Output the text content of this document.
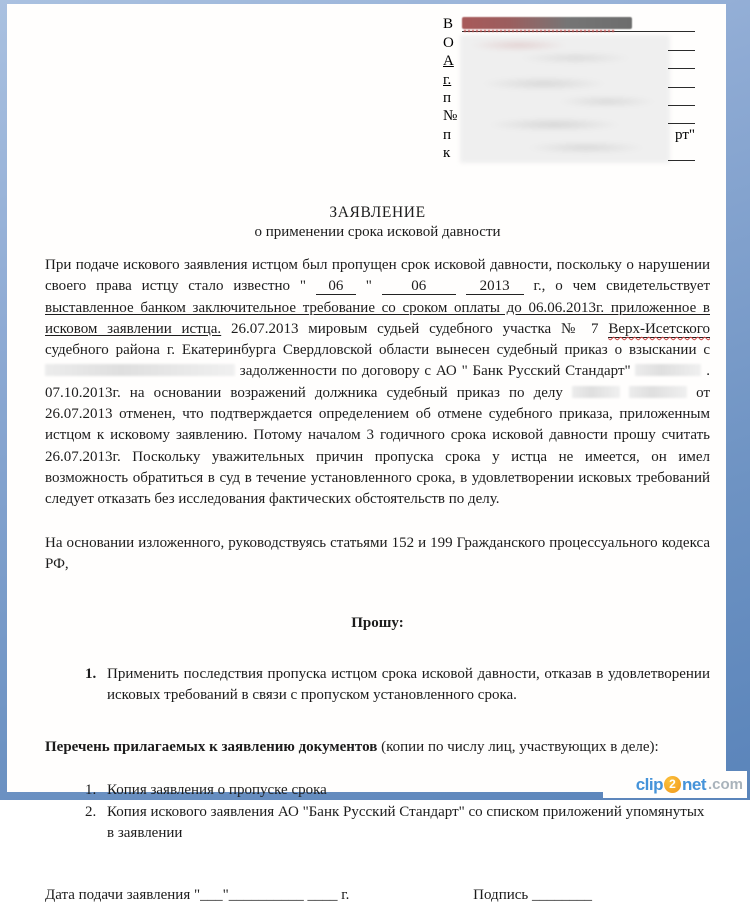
В
О
А
г.
п
№
п	рт"
к
ЗАЯВЛЕНИЕ
о применении срока исковой давности

При подаче искового заявления истцом был пропущен срок исковой давности, поскольку о нарушении своего права истцу стало известно " 06 "	06	2013 г., о чем свидетельствует выставленное банком заключительное требование со сроком оплаты до 06.06.2013г. приложенное в исковом заявлении истца. 26.07.2013 мировым судьей судебного участка № 7 Верх-Исетского судебного района г. Екатеринбурга Свердловской области вынесен судебный приказ о взыскании с  задолженности по договору с АО " Банк Русский Стандарт"	. 07.10.2013г. на основании возражений должника судебный приказ по делу	от 26.07.2013 отменен, что подтверждается определением об отмене судебного приказа, приложенным истцом к исковому заявлению. Потому началом 3 годичного срока исковой давности прошу считать 26.07.2013г. Поскольку уважительных причин пропуска срока у истца не имеется, он имел возможность обратиться в суд в течение установленного срока, в удовлетворении исковых требований следует отказать без исследования фактических обстоятельств по делу.

На основании изложенного, руководствуясь статьями 152 и 199 Гражданского процессуального кодекса РФ,

Прошу:
1. Применить последствия пропуска истцом срока исковой давности, отказав в удовлетворении исковых требований в связи с пропуском установленного срока.
Перечень прилагаемых к заявлению документов (копии по числу лиц, участвующих в деле):
1. Копия заявления о пропуске срока
2. Копия искового заявления АО "Банк Русский Стандарт" со списком приложений упомянутых в заявлении
Дата подачи заявления "___"__________ ____ г.	Подпись ________
clip 2 net .com
